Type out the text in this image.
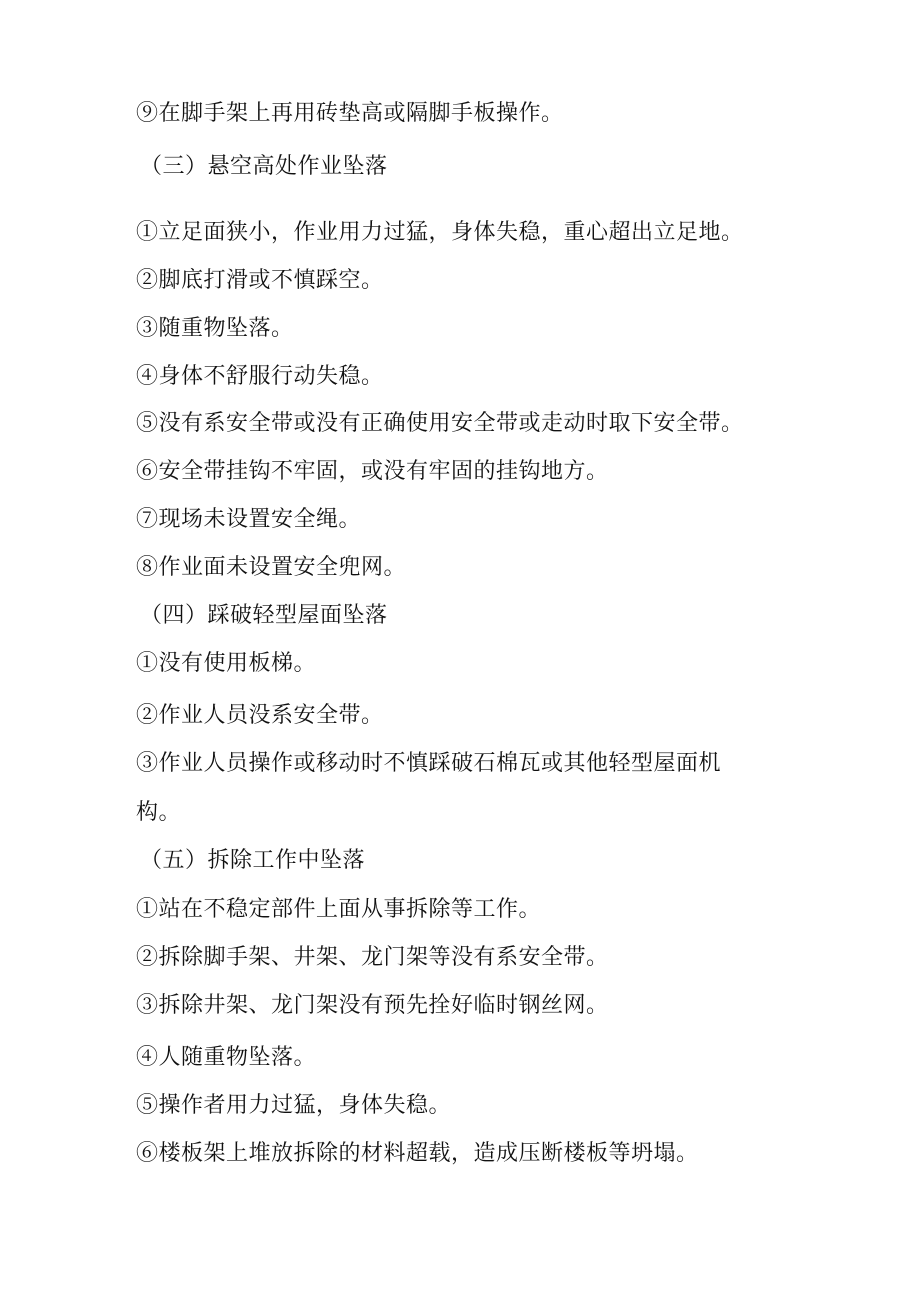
⑨在脚手架上再用砖垫高或隔脚手板操作。
（三）悬空高处作业坠落
①立足面狭小，作业用力过猛，身体失稳，重心超出立足地。
②脚底打滑或不慎踩空。
③随重物坠落。
④身体不舒服行动失稳。
⑤没有系安全带或没有正确使用安全带或走动时取下安全带。
⑥安全带挂钩不牢固，或没有牢固的挂钩地方。
⑦现场未设置安全绳。
⑧作业面未设置安全兜网。
（四）踩破轻型屋面坠落
①没有使用板梯。
②作业人员没系安全带。
③作业人员操作或移动时不慎踩破石棉瓦或其他轻型屋面机
构。
（五）拆除工作中坠落
①站在不稳定部件上面从事拆除等工作。
②拆除脚手架、井架、龙门架等没有系安全带。
③拆除井架、龙门架没有预先拴好临时钢丝网。
④人随重物坠落。
⑤操作者用力过猛，身体失稳。
⑥楼板架上堆放拆除的材料超载，造成压断楼板等坍塌。
